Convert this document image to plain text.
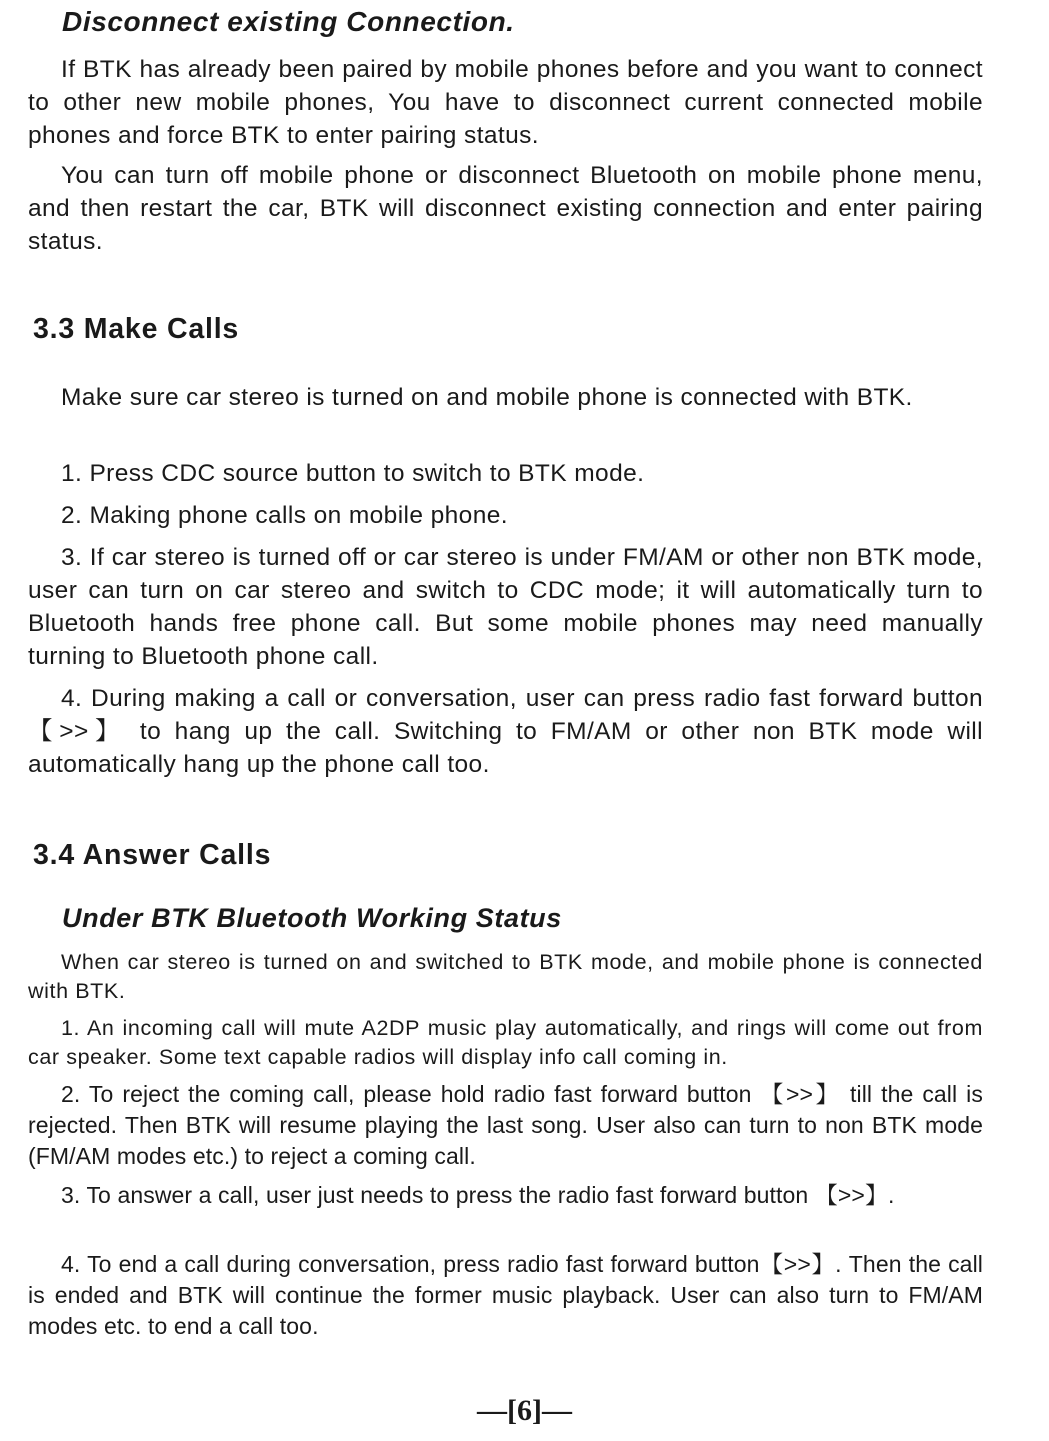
Disconnect existing Connection.

If BTK has already been paired by mobile phones before and you want to connect to other new mobile phones, You have to disconnect current connected mobile phones and force BTK to enter pairing status.

You can turn off mobile phone or disconnect Bluetooth on mobile phone menu, and then restart the car, BTK will disconnect existing connection and enter pairing status.

3.3 Make Calls

Make sure car stereo is turned on and mobile phone is connected with BTK.

1. Press CDC source button to switch to BTK mode.

2. Making phone calls on mobile phone.

3. If car stereo is turned off or car stereo is under FM/AM or other non BTK mode, user can turn on car stereo and switch to CDC mode; it will automatically turn to Bluetooth hands free phone call. But some mobile phones may need manually turning to Bluetooth phone call.

4. During making a call or conversation, user can press radio fast forward button【>>】 to hang up the call. Switching to FM/AM or other non BTK mode will automatically hang up the phone call too.

3.4 Answer Calls
Under BTK Bluetooth Working Status

When car stereo is turned on and switched to BTK mode, and mobile phone is connected with BTK.

1. An incoming call will mute A2DP music play automatically, and rings will come out from car speaker. Some text capable radios will display info call coming in.

2. To reject the coming call, please hold radio fast forward button 【>>】 till the call is rejected. Then BTK will resume playing the last song. User also can turn to non BTK mode (FM/AM modes etc.) to reject a coming call.

3. To answer a call, user just needs to press the radio fast forward button 【>>】.

4. To end a call during conversation, press radio fast forward button【>>】. Then the call is ended and BTK will continue the former music playback. User can also turn to FM/AM modes etc. to end a call too.

—[6]—
